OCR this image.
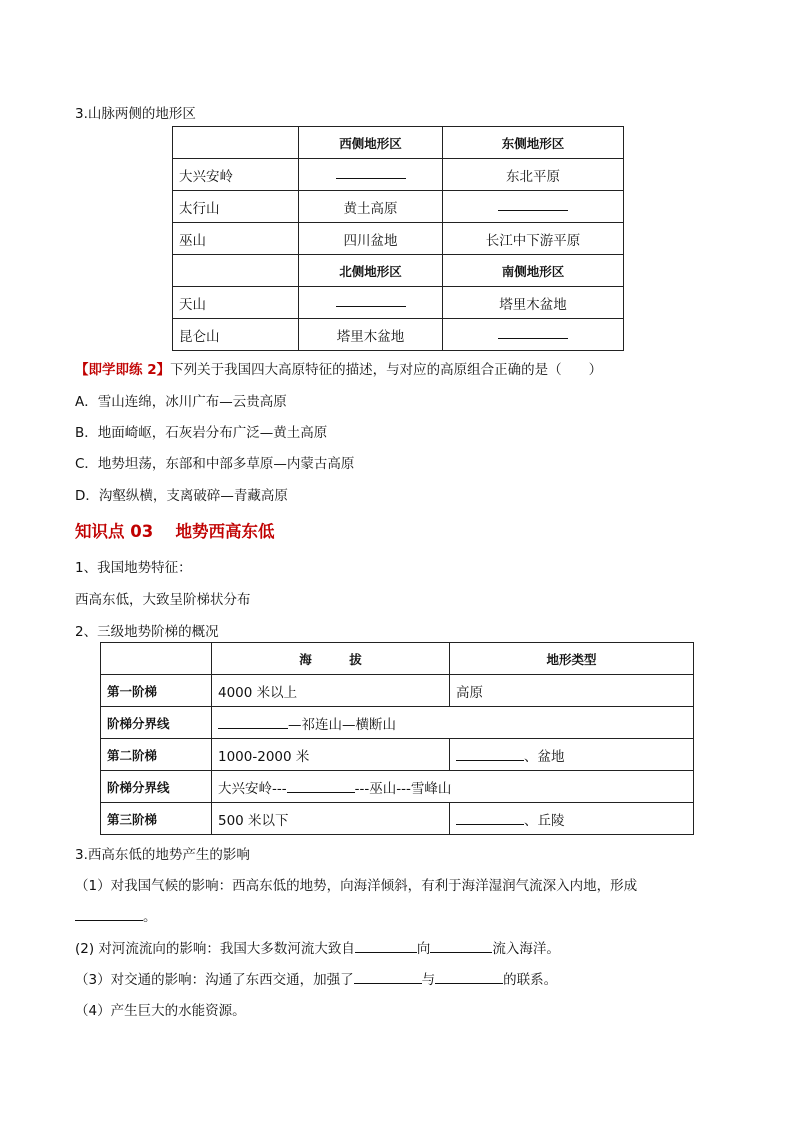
3.山脉两侧的地形区
	西侧地形区	东侧地形区
大兴安岭		东北平原
太行山	黄土高原	
巫山	四川盆地	长江中下游平原
	北侧地形区	南侧地形区
天山		塔里木盆地
昆仑山	塔里木盆地	
【即学即练 2】下列关于我国四大高原特征的描述，与对应的高原组合正确的是（　　）
A．雪山连绵，冰川广布—云贵高原
B．地面崎岖，石灰岩分布广泛—黄土高原
C．地势坦荡，东部和中部多草原—内蒙古高原
D．沟壑纵横，支离破碎—青藏高原
知识点 03　 地势西高东低
1、我国地势特征：
西高东低，大致呈阶梯状分布
2、三级地势阶梯的概况
	海　　　拔	地形类型
第一阶梯	4000 米以上	高原
阶梯分界线	—祁连山—横断山	
第二阶梯	1000-2000 米	、盆地
阶梯分界线	大兴安岭--- ---巫山---雪峰山	
第三阶梯	500 米以下	、丘陵
3.西高东低的地势产生的影响
（1）对我国气候的影响：西高东低的地势，向海洋倾斜，有利于海洋湿润气流深入内地，形成
。
(2) 对河流流向的影响：我国大多数河流大致自	向	流入海洋。
（3）对交通的影响：沟通了东西交通，加强了	与	的联系。
（4）产生巨大的水能资源。
